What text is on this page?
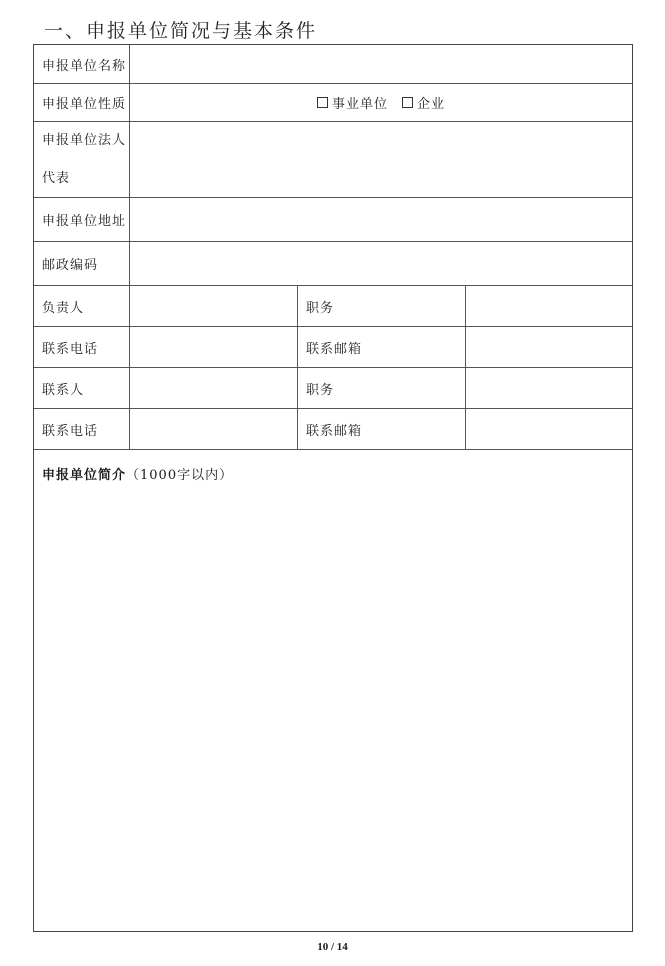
一、申报单位简况与基本条件
申报单位名称
申报单位性质	事业单位 企业
申报单位法人
代表
申报单位地址
邮政编码
负责人	职务
联系电话	联系邮箱
联系人	职务
联系电话	联系邮箱
申报单位简介（1000字以内）
10 / 14
